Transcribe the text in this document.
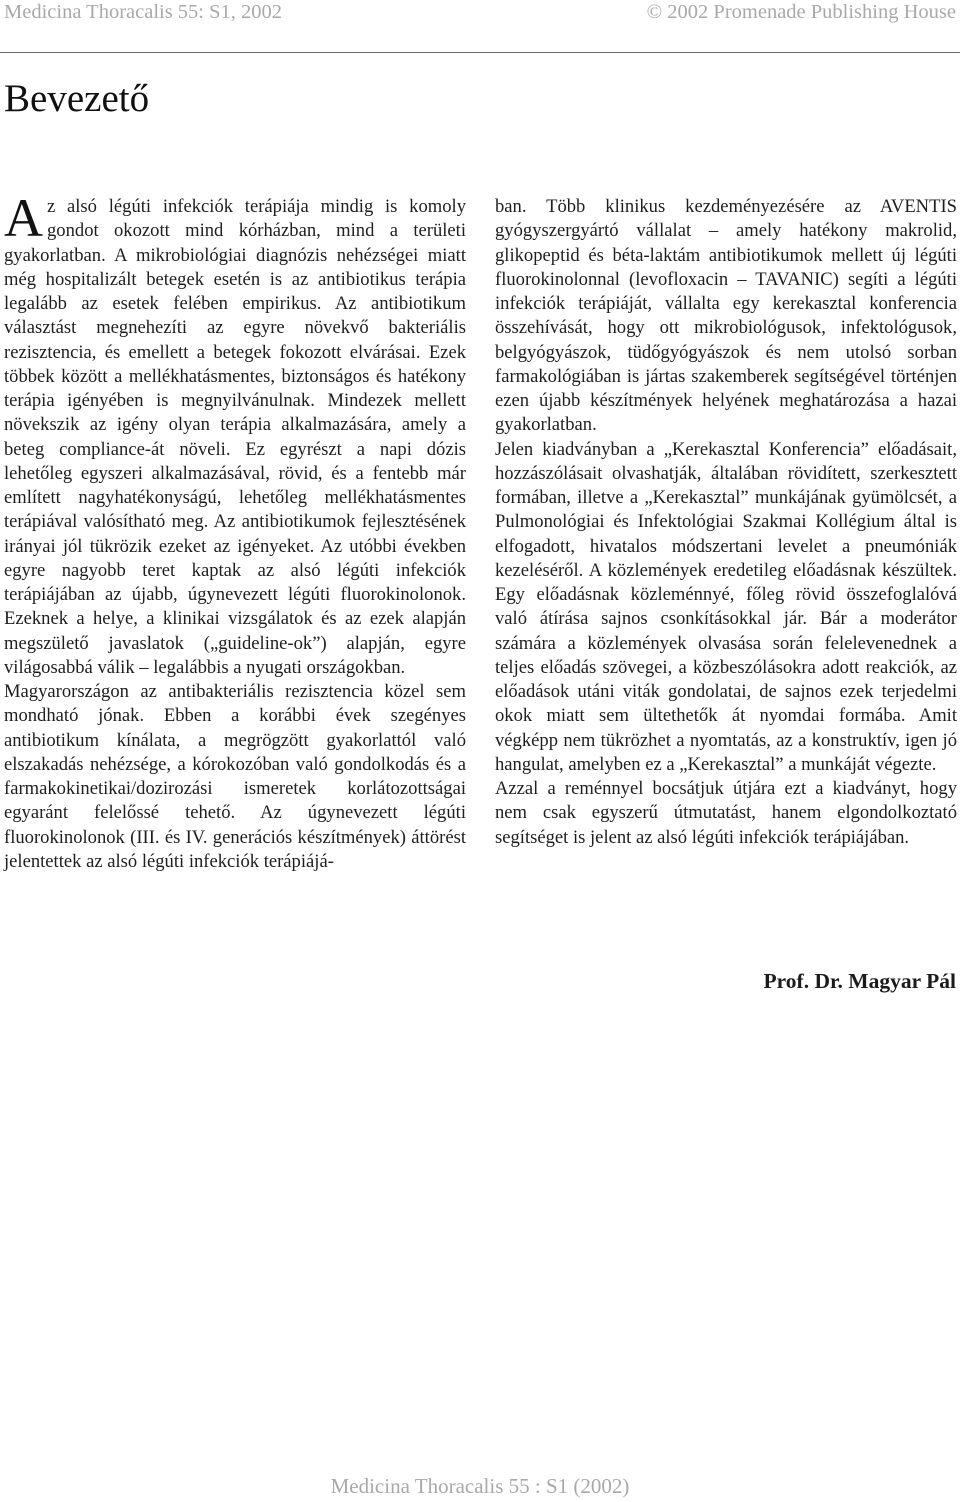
Medicina Thoracalis 55: S1, 2002	© 2002 Promenade Publishing House
Bevezető

Az alsó légúti infekciók terápiája mindig is komoly gondot okozott mind kórházban, mind a területi gyakorlatban. A mikrobiológiai diagnózis nehézségei miatt még hospitalizált betegek esetén is az antibiotikus terápia legalább az esetek felében empirikus. Az antibiotikum választást megnehezíti az egyre növekvő bakteriális rezisztencia, és emellett a betegek fokozott elvárásai. Ezek többek között a mellékhatásmentes, biztonságos és hatékony terápia igényében is megnyilvánulnak. Mindezek mellett növekszik az igény olyan terápia alkalmazására, amely a beteg compliance-át növeli. Ez egyrészt a napi dózis lehetőleg egyszeri alkalmazásával, rövid, és a fentebb már említett nagyhatékonyságú, lehetőleg mellékhatásmentes terápiával valósítható meg. Az antibiotikumok fejlesztésének irányai jól tükrözik ezeket az igényeket. Az utóbbi években egyre nagyobb teret kaptak az alsó légúti infekciók terápiájában az újabb, úgynevezett légúti fluorokinolonok. Ezeknek a helye, a klinikai vizsgálatok és az ezek alapján megszülető javaslatok („guideline-ok”) alapján, egyre világosabbá válik – legalábbis a nyugati országokban.

Magyarországon az antibakteriális rezisztencia közel sem mondható jónak. Ebben a korábbi évek szegényes antibiotikum kínálata, a megrögzött gyakorlattól való elszakadás nehézsége, a kórokozóban való gondolkodás és a farmakokinetikai/dozirozási ismeretek korlátozottságai egyaránt felelőssé tehető. Az úgynevezett légúti fluorokinolonok (III. és IV. generációs készítmények) áttörést jelentettek az alsó légúti infekciók terápiájá-

ban. Több klinikus kezdeményezésére az AVENTIS gyógyszergyártó vállalat – amely hatékony makrolid, glikopeptid és béta-laktám antibiotikumok mellett új légúti fluorokinolonnal (levofloxacin – TAVANIC) segíti a légúti infekciók terápiáját, vállalta egy kerekasztal konferencia összehívását, hogy ott mikrobiológusok, infektológusok, belgyógyászok, tüdőgyógyászok és nem utolsó sorban farmakológiában is jártas szakemberek segítségével történjen ezen újabb készítmények helyének meghatározása a hazai gyakorlatban.

Jelen kiadványban a „Kerekasztal Konferencia” előadásait, hozzászólásait olvashatják, általában rövidített, szerkesztett formában, illetve a „Kerekasztal” munkájának gyümölcsét, a Pulmonológiai és Infektológiai Szakmai Kollégium által is elfogadott, hivatalos módszertani levelet a pneumóniák kezeléséről. A közlemények eredetileg előadásnak készültek. Egy előadásnak közleménnyé, főleg rövid összefoglalóvá való átírása sajnos csonkításokkal jár. Bár a moderátor számára a közlemények olvasása során felelevenednek a teljes előadás szövegei, a közbeszólásokra adott reakciók, az előadások utáni viták gondolatai, de sajnos ezek terjedelmi okok miatt sem ültethetők át nyomdai formába. Amit végképp nem tükrözhet a nyomtatás, az a konstruktív, igen jó hangulat, amelyben ez a „Kerekasztal” a munkáját végezte.

Azzal a reménnyel bocsátjuk útjára ezt a kiadványt, hogy nem csak egyszerű útmutatást, hanem elgondolkoztató segítséget is jelent az alsó légúti infekciók terápiájában.

Prof. Dr. Magyar Pál
Medicina Thoracalis 55 : S1 (2002)
